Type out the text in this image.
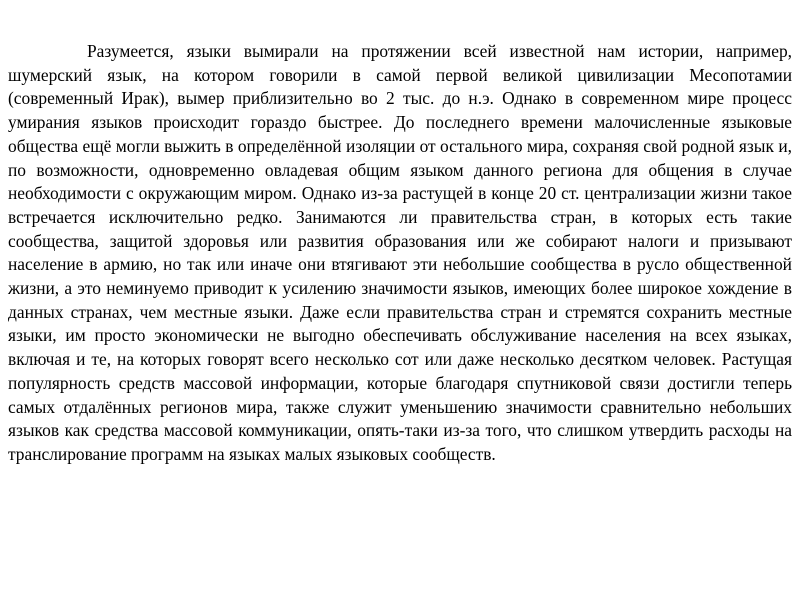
Разумеется, языки вымирали на протяжении всей известной нам истории, например, шумерский язык, на котором говорили в самой первой великой цивилизации Месопотамии (современный Ирак), вымер приблизительно во 2 тыс. до н.э. Однако в современном мире процесс умирания языков происходит гораздо быстрее. До последнего времени малочисленные языковые общества ещё могли выжить в определённой изоляции от остального мира, сохраняя свой родной язык и, по возможности, одновременно овладевая общим языком данного региона для общения в случае необходимости с окружающим миром. Однако из-за растущей в конце 20 ст. централизации жизни такое встречается исключительно редко. Занимаются ли правительства стран, в которых есть такие сообщества, защитой здоровья или развития образования или же собирают налоги и призывают население в армию, но так или иначе они втягивают эти небольшие сообщества в русло общественной жизни, а это неминуемо приводит к усилению значимости языков, имеющих более широкое хождение в данных странах, чем местные языки. Даже если правительства стран и стремятся сохранить местные языки, им просто экономически не выгодно обеспечивать обслуживание населения на всех языках, включая и те, на которых говорят всего несколько сот или даже несколько десятком человек. Растущая популярность средств массовой информации, которые благодаря спутниковой связи достигли теперь самых отдалённых регионов мира, также служит уменьшению значимости сравнительно небольших языков как средства массовой коммуникации, опять-таки из-за того, что слишком утвердить расходы на транслирование программ на языках малых языковых сообществ.
